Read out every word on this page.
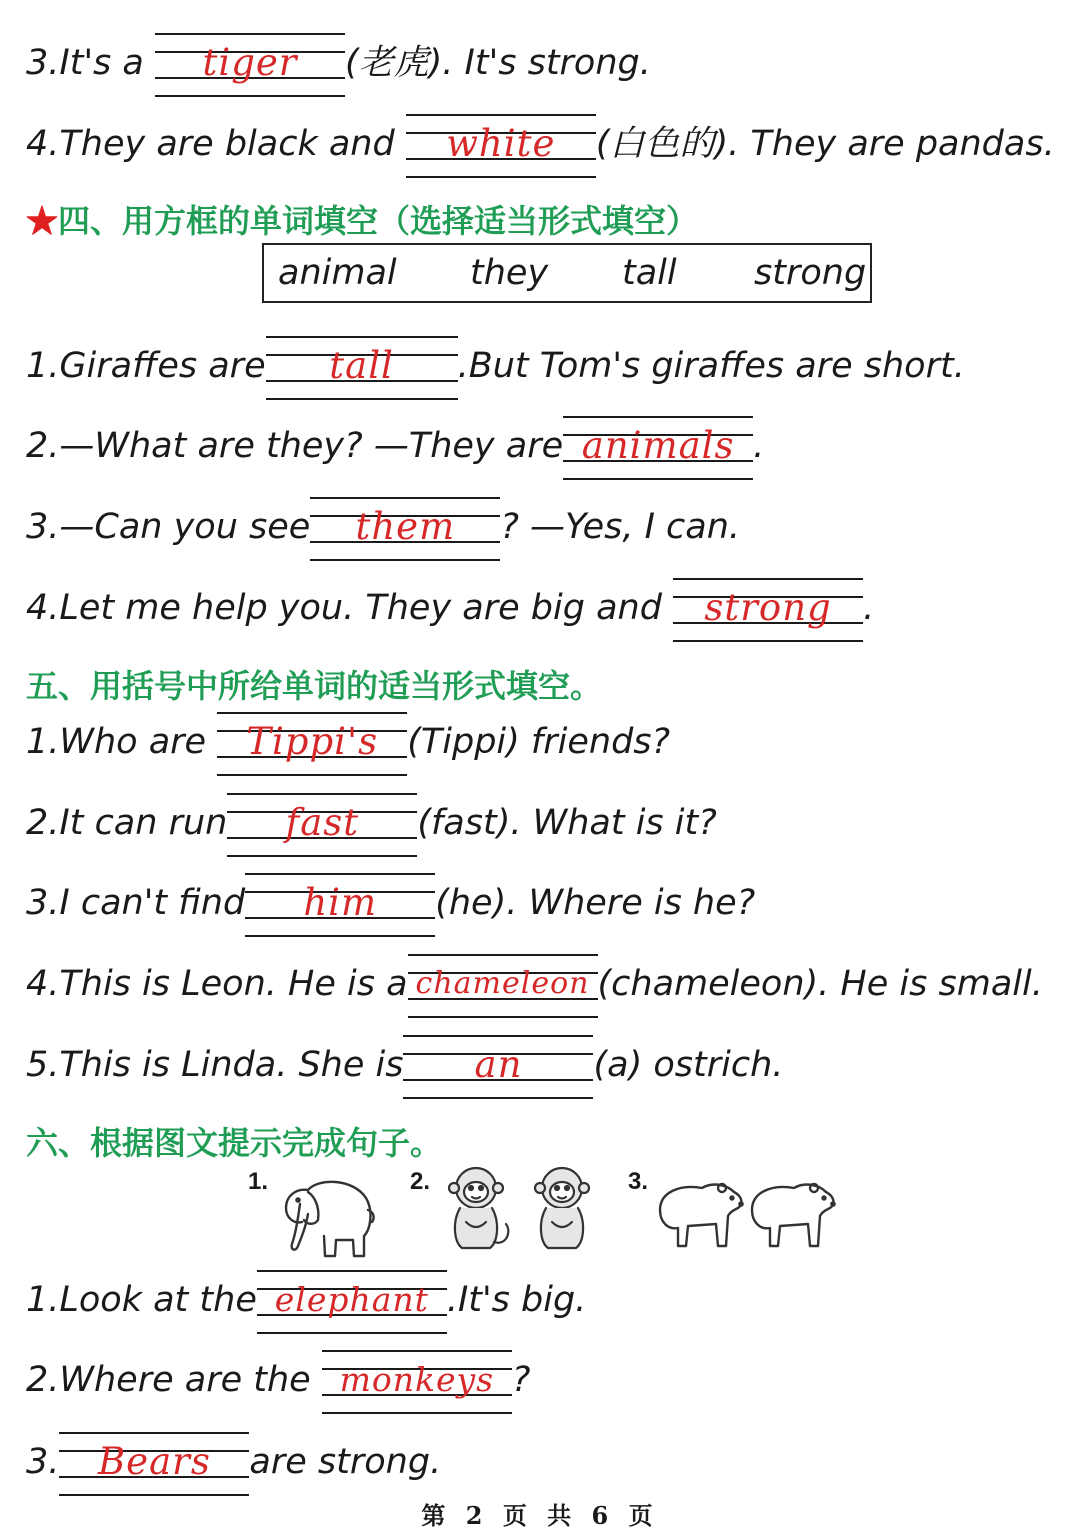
3.It's a	tiger	(老虎). It's strong.
4.They are black and	white	(白色的). They are pandas.
★四、用方框的单词填空（选择适当形式填空）
animal they tall strong
1.Giraffes are	tall	.But Tom's giraffes are short.
2.—What are they? —They are animals .
3.—Can you see	them	? —Yes, I can.
4.Let me help you. They are big and strong .
五、用括号中所给单词的适当形式填空。
1.Who are Tippi's (Tippi) friends?
2.It can run	fast	(fast). What is it?
3.I can't find	him	(he). Where is he?
4.This is Leon. He is a chameleon (chameleon). He is small.
5.This is Linda. She is	an	(a) ostrich.
六、根据图文提示完成句子。
1.	2.	3.
1.Look at the elephant .It's big.
2.Where are the monkeys ?
3.	Bears	are strong.
第 2 页 共 6 页
